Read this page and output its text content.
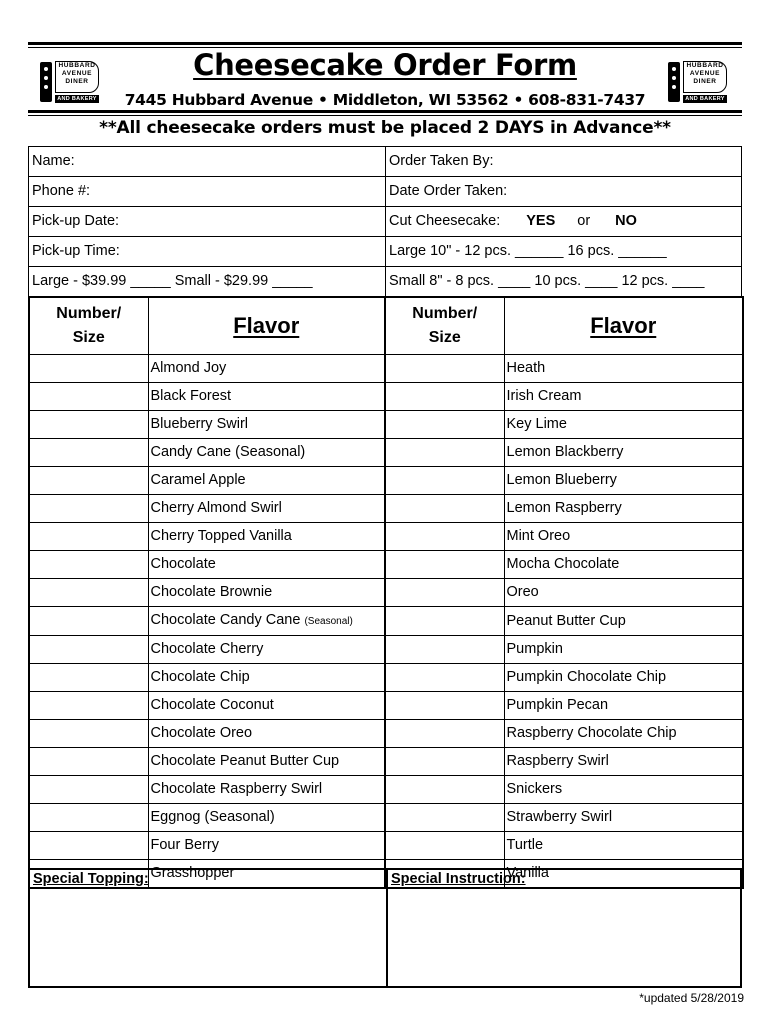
HUBBARD
AVENUE
DINER
AND BAKERY
HUBBARD
AVENUE
DINER
AND BAKERY
Cheesecake Order Form
7445 Hubbard Avenue • Middleton, WI 53562 • 608-831-7437
**All cheesecake orders must be placed 2 DAYS in Advance**
Name:	Order Taken By:
Phone #:	Date Order Taken:
Pick-up Date:	Cut Cheesecake: YES or NO
Pick-up Time:	Large 10" - 12 pcs. ______ 16 pcs. ______
Large - $39.99 _____ Small - $29.99 _____	Small 8" - 8 pcs. ____ 10 pcs. ____ 12 pcs. ____
Number/
Size	Flavor	Number/
Size	Flavor
	Almond Joy		Heath
	Black Forest		Irish Cream
	Blueberry Swirl		Key Lime
	Candy Cane (Seasonal)		Lemon Blackberry
	Caramel Apple		Lemon Blueberry
	Cherry Almond Swirl		Lemon Raspberry
	Cherry Topped Vanilla		Mint Oreo
	Chocolate		Mocha Chocolate
	Chocolate Brownie		Oreo
	Chocolate Candy Cane (Seasonal)		Peanut Butter Cup
	Chocolate Cherry		Pumpkin
	Chocolate Chip		Pumpkin Chocolate Chip
	Chocolate Coconut		Pumpkin Pecan
	Chocolate Oreo		Raspberry Chocolate Chip
	Chocolate Peanut Butter Cup		Raspberry Swirl
	Chocolate Raspberry Swirl		Snickers
	Eggnog (Seasonal)		Strawberry Swirl
	Four Berry		Turtle
	Grasshopper		Vanilla
Special Topping:	Special Instruction:
*updated 5/28/2019
